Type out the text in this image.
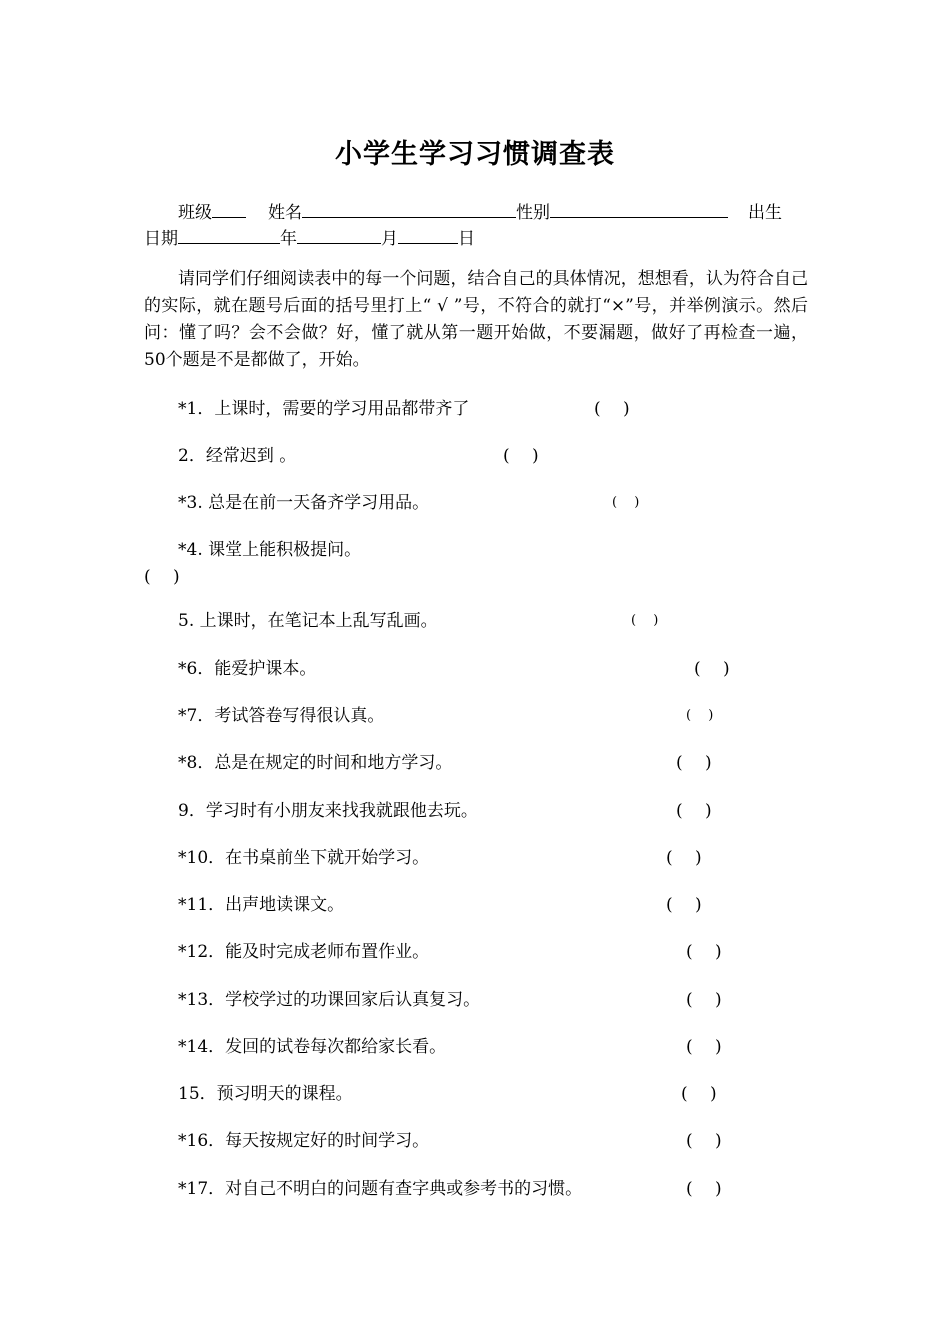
小学生学习习惯调查表
班级	姓名	性别	出生
日期	年	月	日
请同学们仔细阅读表中的每一个问题，结合自己的具体情况，想想看，认为符合自己的实际，就在题号后面的括号里打上“ √ ”号，不符合的就打“×”号，并举例演示。然后问：懂了吗？会不会做？好，懂了就从第一题开始做，不要漏题，做好了再检查一遍，50个题是不是都做了，开始。
*1．上课时，需要的学习用品都带齐了	(　 )
2．经常迟到 。	(　 )
*3. 总是在前一天备齐学习用品。	(　 )
*4. 课堂上能积极提问。
(　 )
5. 上课时，在笔记本上乱写乱画。	(　 )
*6．能爱护课本。	(　 )
*7．考试答卷写得很认真。	(　 )
*8．总是在规定的时间和地方学习。	(　 )
9．学习时有小朋友来找我就跟他去玩。	(　 )
*10．在书桌前坐下就开始学习。	(　 )
*11．出声地读课文。	(　 )
*12．能及时完成老师布置作业。	(　 )
*13．学校学过的功课回家后认真复习。	(　 )
*14．发回的试卷每次都给家长看。	(　 )
15．预习明天的课程。	(　 )
*16．每天按规定好的时间学习。	(　 )
*17．对自己不明白的问题有查字典或参考书的习惯。	(　 )
